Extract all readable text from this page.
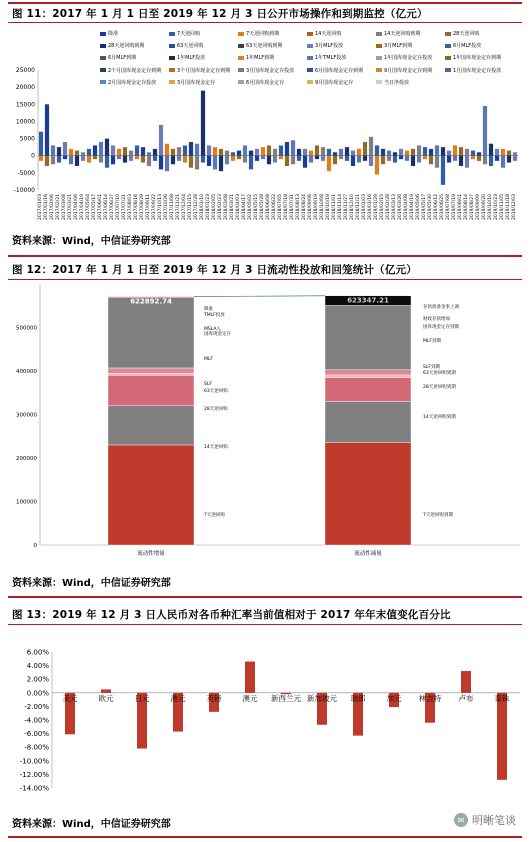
图 11：2017 年 1 月 1 日至 2019 年 12 月 3 日公开市场操作和到期监控（亿元）
降准	7天逆回购	7天逆回购到期	14天逆回购	14天逆回购到期	28天逆回购28天逆回购到期	63天逆回购	63天逆回购到期	3月MLF投放	3月MLF到期	6月MLF投放6月MLF到期	1年MLF投放	1年MLF到期	1年TMLF投放	1年国库现金定存投放	1年国库现金定存到期2个月国库现金定存到期	3个月国库现金定存到期	3月国库现金定存投放	6月国库现金定存到期	9月国库现金定存到期	1月国库现金定存投放2月国库现金定存投放	3月国库现金定存	6月国库现金定存	9月国库现金定存	当日净投放
25000
20000
15000
10000
5000
0
-5000
-10000
2017/01/03 2017/01/16 2017/02/06 2017/02/21 2017/03/08 2017/03/21 2017/04/06 2017/04/19 2017/05/04 2017/05/17 2017/06/01 2017/06/14 2017/06/27 2017/07/10 2017/07/21 2017/08/03 2017/08/16 2017/08/29 2017/09/11 2017/09/22 2017/10/13 2017/10/26 2017/11/08 2017/11/21 2017/12/04 2017/12/15 2017/12/28 2018/01/10 2018/01/23 2018/02/05 2018/02/23 2018/03/08 2018/03/21 2018/04/03 2018/04/17 2018/05/02 2018/05/15 2018/05/28 2018/06/08 2018/06/22 2018/07/05 2018/07/18 2018/07/31 2018/08/13 2018/08/24 2018/09/06 2018/09/19 2018/10/08 2018/10/19 2018/11/01 2018/11/14 2018/11/27 2018/12/10 2018/12/21 2019/01/03 2019/01/16 2019/01/29 2019/02/15 2019/02/28 2019/03/13 2019/03/26 2019/04/08 2019/04/19 2019/05/06 2019/05/17 2019/05/30 2019/06/12 2019/06/25 2019/07/08 2019/07/19 2019/08/01 2019/08/14 2019/08/27 2019/09/09 2019/09/20 2019/10/10 2019/10/23 2019/11/05 2019/11/18 2019/12/03
资料来源：Wind，中信证券研究部
图 12：2017 年 1 月 1 日至 2019 年 12 月 3 日流动性投放和回笼统计（亿元）
500000
400000
300000
200000
100000
0
流动性增量	流动性减量
622892.74	623347.21
降准
TMLF投放
MSLA入
国库现金定存
MLF
SLF
63天逆回购
28天逆回购
14天逆回购
7天逆回购
存款准备金率上调
财政存款增加
国库现金定存到期
MLF到期
SLF到期
63天逆回购到期
28天逆回购到期
14天逆回购到期
7天逆回购到期
资料来源：Wind，中信证券研究部
图 13：2019 年 12 月 3 日人民币对各币种汇率当前值相对于 2017 年年末值变化百分比
6.00%
4.00%
2.00%
0.00%
-2.00%
-4.00%
-6.00%
-8.00%
-10.00%
-12.00%
-14.00%
美元	欧元	日元	港元	英镑	澳元 新西兰元 新加坡元 瑞郎	加元 林吉特 卢布	泰铢
资料来源：Wind，中信证券研究部	✉ 明晰笔谈
